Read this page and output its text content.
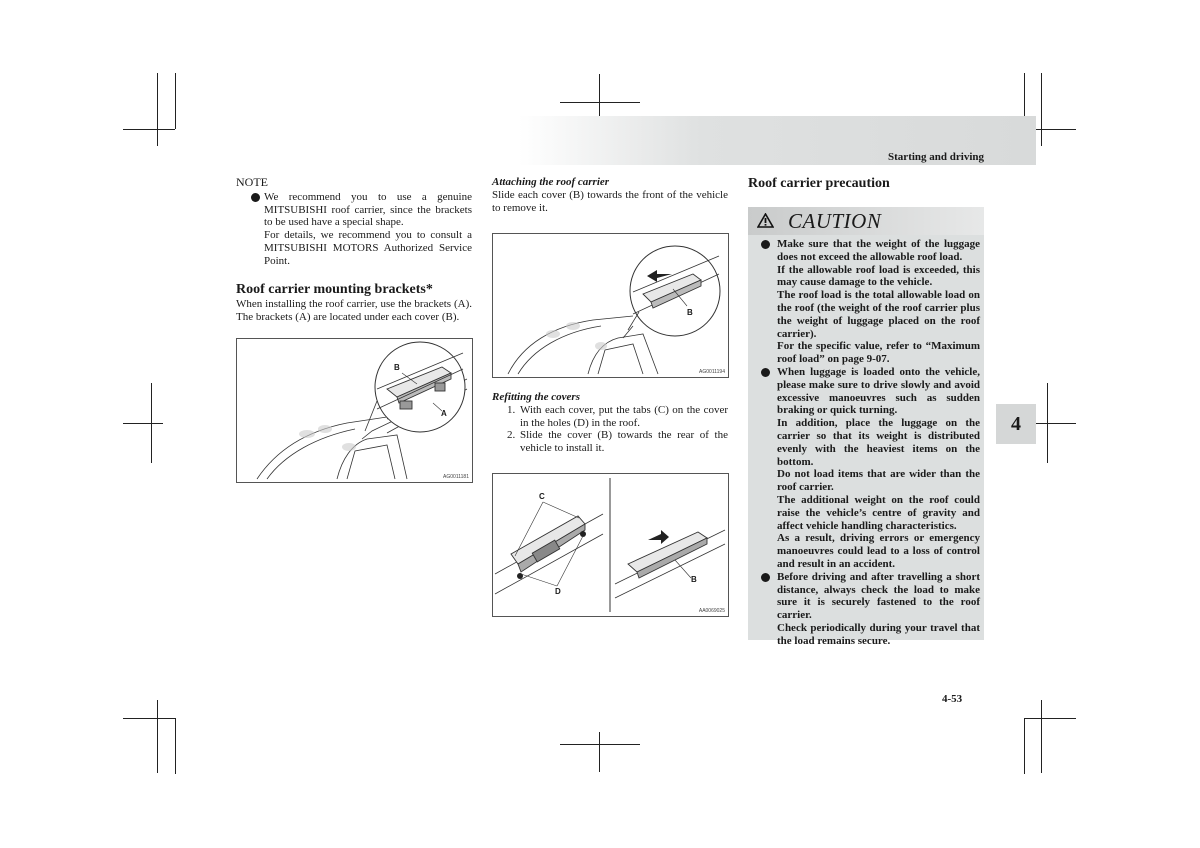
Starting and driving
4
4-53
NOTE
We recommend you to use a genuine MITSUBISHI roof carrier, since the brackets to be used have a special shape.
For details, we recommend you to consult a MITSUBISHI MOTORS Authorized Service Point.
Roof carrier mounting brackets*
When installing the roof carrier, use the brackets (A). The brackets (A) are located under each cover (B).
B
A
AG0011181
Attaching the roof carrier
Slide each cover (B) towards the front of the vehicle to remove it.
B
AG0011194
Refitting the covers
1. With each cover, put the tabs (C) on the cover in the holes (D) in the roof.
2. Slide the cover (B) towards the rear of the vehicle to install it.
C
D
B
AA0069025
Roof carrier precaution
CAUTION
Make sure that the weight of the luggage does not exceed the allowable roof load.
If the allowable roof load is exceeded, this may cause damage to the vehicle.
The roof load is the total allowable load on the roof (the weight of the roof carrier plus the weight of luggage placed on the roof carrier).
For the specific value, refer to “Maximum roof load” on page 9-07.
When luggage is loaded onto the vehicle, please make sure to drive slowly and avoid excessive manoeuvres such as sudden braking or quick turning.
In addition, place the luggage on the carrier so that its weight is distributed evenly with the heaviest items on the bottom.
Do not load items that are wider than the roof carrier.
The additional weight on the roof could raise the vehicle’s centre of gravity and affect vehicle handling characteristics.
As a result, driving errors or emergency manoeuvres could lead to a loss of control and result in an accident.
Before driving and after travelling a short distance, always check the load to make sure it is securely fastened to the roof carrier.
Check periodically during your travel that the load remains secure.
